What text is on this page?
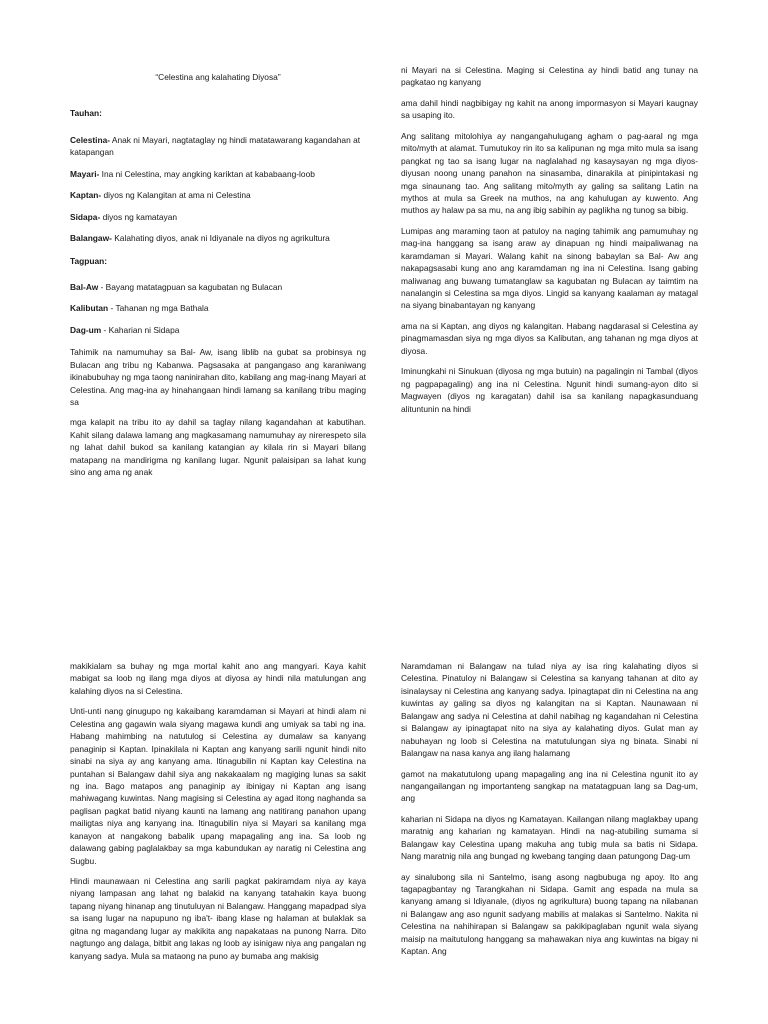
“Celestina ang kalahating Diyosa”

Tauhan:

Celestina- Anak ni Mayari, nagtataglay ng hindi matatawarang kagandahan at katapangan

Mayari- Ina ni Celestina, may angking kariktan at kababaang-loob

Kaptan- diyos ng Kalangitan at ama ni Celestina

Sidapa- diyos ng kamatayan

Balangaw- Kalahating diyos, anak ni Idiyanale na diyos ng agrikultura

Tagpuan:

Bal-Aw - Bayang matatagpuan sa kagubatan ng Bulacan

Kalibutan - Tahanan ng mga Bathala

Dag-um - Kaharian ni Sidapa

Tahimik na namumuhay sa Bal- Aw, isang liblib na gubat sa probinsya ng Bulacan ang tribu ng Kabanwa. Pagsasaka at pangangaso ang karaniwang ikinabubuhay ng mga taong naninirahan dito, kabilang ang mag-inang Mayari at Celestina. Ang mag-ina ay hinahangaan hindi lamang sa kanilang tribu maging sa

mga kalapit na tribu ito ay dahil sa taglay nilang kagandahan at kabutihan. Kahit silang dalawa lamang ang magkasamang namumuhay ay nirerespeto sila ng lahat dahil bukod sa kanilang katangian ay kilala rin si Mayari bilang matapang na mandirigma ng kanilang lugar. Ngunit palaisipan sa lahat kung sino ang ama ng anak

ni Mayari na si Celestina. Maging si Celestina ay hindi batid ang tunay na pagkatao ng kanyang

ama dahil hindi nagbibigay ng kahit na anong impormasyon si Mayari kaugnay sa usaping ito.

Ang salitang mitolohiya ay nangangahulugang agham o pag-aaral ng mga mito/myth at alamat. Tumutukoy rin ito sa kalipunan ng mga mito mula sa isang pangkat ng tao sa isang lugar na naglalahad ng kasaysayan ng mga diyos- diyusan noong unang panahon na sinasamba, dinarakila at pinipintakasi ng mga sinaunang tao. Ang salitang mito/myth ay galing sa salitang Latin na mythos at mula sa Greek na muthos, na ang kahulugan ay kuwento. Ang muthos ay halaw pa sa mu, na ang ibig sabihin ay paglikha ng tunog sa bibig.

Lumipas ang maraming taon at patuloy na naging tahimik ang pamumuhay ng mag-ina hanggang sa isang araw ay dinapuan ng hindi maipaliwanag na karamdaman si Mayari. Walang kahit na sinong babaylan sa Bal- Aw ang nakapagsasabi kung ano ang karamdaman ng ina ni Celestina. Isang gabing maliwanag ang buwang tumatanglaw sa kagubatan ng Bulacan ay taimtim na nanalangin si Celestina sa mga diyos. Lingid sa kanyang kaalaman ay matagal na siyang binabantayan ng kanyang

ama na si Kaptan, ang diyos ng kalangitan. Habang nagdarasal si Celestina ay pinagmamasdan siya ng mga diyos sa Kalibutan, ang tahanan ng mga diyos at diyosa.

Iminungkahi ni Sinukuan (diyosa ng mga butuin) na pagalingin ni Tambal (diyos ng pagpapagaling) ang ina ni Celestina. Ngunit hindi sumang-ayon dito si Magwayen (diyos ng karagatan) dahil isa sa kanilang napagkasunduang alituntunin na hindi

makikialam sa buhay ng mga mortal kahit ano ang mangyari. Kaya kahit mabigat sa loob ng ilang mga diyos at diyosa ay hindi nila matulungan ang kalahing diyos na si Celestina.

Unti-unti nang ginugupo ng kakaibang karamdaman si Mayari at hindi alam ni Celestina ang gagawin wala siyang magawa kundi ang umiyak sa tabi ng ina. Habang mahimbing na natutulog si Celestina ay dumalaw sa kanyang panaginip si Kaptan. Ipinakilala ni Kaptan ang kanyang sarili ngunit hindi nito sinabi na siya ay ang kanyang ama. Itinagubilin ni Kaptan kay Celestina na puntahan si Balangaw dahil siya ang nakakaalam ng magiging lunas sa sakit ng ina. Bago matapos ang panaginip ay ibinigay ni Kaptan ang isang mahiwagang kuwintas. Nang magising si Celestina ay agad itong naghanda sa paglisan pagkat batid niyang kaunti na lamang ang natitirang panahon upang mailigtas niya ang kanyang ina. Itinagubilin niya si Mayari sa kanilang mga kanayon at nangakong babalik upang mapagaling ang ina. Sa loob ng dalawang gabing paglalakbay sa mga kabundukan ay naratig ni Celestina ang Sugbu.

Hindi maunawaan ni Celestina ang sarili pagkat pakiramdam niya ay kaya niyang lampasan ang lahat ng balakid na kanyang tatahakin kaya buong tapang niyang hinanap ang tinutuluyan ni Balangaw. Hanggang mapadpad siya sa isang lugar na napupuno ng iba't- ibang klase ng halaman at bulaklak sa gitna ng magandang lugar ay makikita ang napakataas na punong Narra. Dito nagtungo ang dalaga, bitbit ang lakas ng loob ay isinigaw niya ang pangalan ng kanyang sadya. Mula sa mataong na puno ay bumaba ang makisig

Naramdaman ni Balangaw na tulad niya ay isa ring kalahating diyos si Celestina. Pinatuloy ni Balangaw si Celestina sa kanyang tahanan at dito ay isinalaysay ni Celestina ang kanyang sadya. Ipinagtapat din ni Celestina na ang kuwintas ay galing sa diyos ng kalangitan na si Kaptan. Naunawaan ni Balangaw ang sadya ni Celestina at dahil nabihag ng kagandahan ni Celestina si Balangaw ay ipinagtapat nito na siya ay kalahating diyos. Gulat man ay nabuhayan ng loob si Celestina na matutulungan siya ng binata. Sinabi ni Balangaw na nasa kanya ang ilang halamang

gamot na makatutulong upang mapagaling ang ina ni Celestina ngunit ito ay nangangailangan ng importanteng sangkap na matatagpuan lang sa Dag-um, ang

kaharian ni Sidapa na diyos ng Kamatayan. Kailangan nilang maglakbay upang maratnig ang kaharian ng kamatayan. Hindi na nag-atubiling sumama si Balangaw kay Celestina upang makuha ang tubig mula sa batis ni Sidapa. Nang maratnig nila ang bungad ng kwebang tanging daan patungong Dag-um

ay sinalubong sila ni Santelmo, isang asong nagbubuga ng apoy. Ito ang tagapagbantay ng Tarangkahan ni Sidapa. Gamit ang espada na mula sa kanyang amang si Idiyanale, (diyos ng agrikultura) buong tapang na nilabanan ni Balangaw ang aso ngunit sadyang mabilis at malakas si Santelmo. Nakita ni Celestina na nahihirapan si Balangaw sa pakikipaglaban ngunit wala siyang maisip na maitutulong hanggang sa mahawakan niya ang kuwintas na bigay ni Kaptan. Ang
